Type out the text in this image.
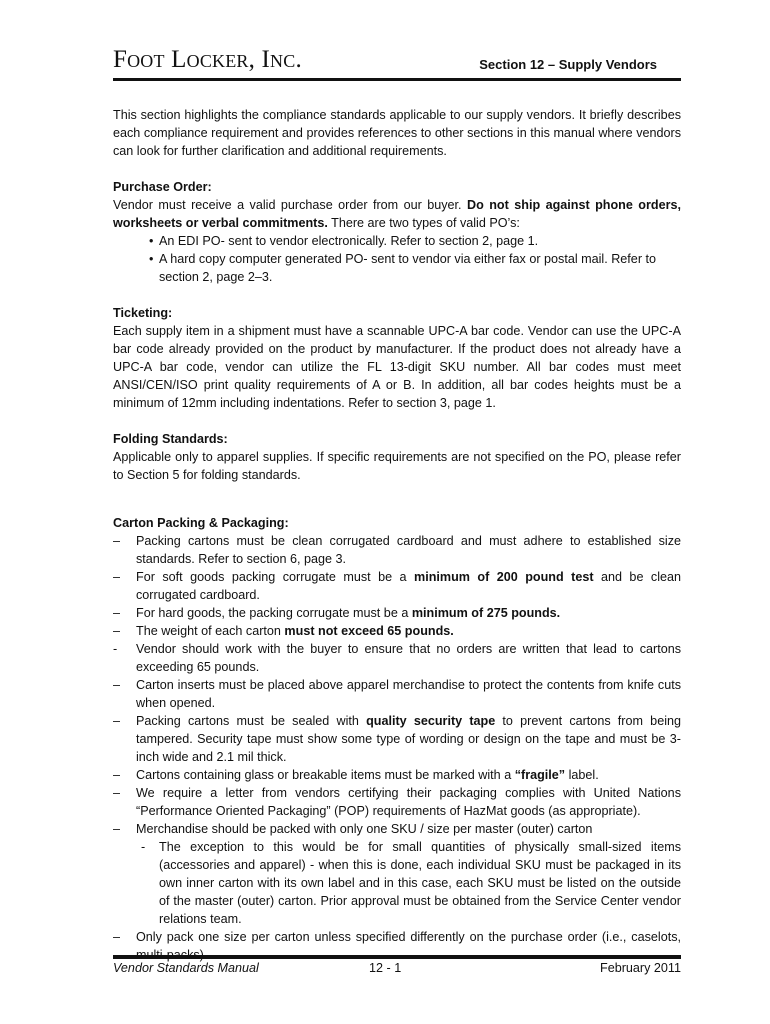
Foot Locker, Inc.	Section 12 – Supply Vendors

This section highlights the compliance standards applicable to our supply vendors. It briefly describes each compliance requirement and provides references to other sections in this manual where vendors can look for further clarification and additional requirements.

Purchase Order:

Vendor must receive a valid purchase order from our buyer. Do not ship against phone orders, worksheets or verbal commitments. There are two types of valid PO’s:

• An EDI PO- sent to vendor electronically. Refer to section 2, page 1.
• A hard copy computer generated PO- sent to vendor via either fax or postal mail. Refer to section 2, page 2–3.

Ticketing:

Each supply item in a shipment must have a scannable UPC-A bar code. Vendor can use the UPC-A bar code already provided on the product by manufacturer. If the product does not already have a UPC-A bar code, vendor can utilize the FL 13-digit SKU number. All bar codes must meet ANSI/CEN/ISO print quality requirements of A or B. In addition, all bar codes heights must be a minimum of 12mm including indentations. Refer to section 3, page 1.

Folding Standards:

Applicable only to apparel supplies. If specific requirements are not specified on the PO, please refer to Section 5 for folding standards.

Carton Packing & Packaging:

– Packing cartons must be clean corrugated cardboard and must adhere to established size standards. Refer to section 6, page 3.
– For soft goods packing corrugate must be a minimum of 200 pound test and be clean corrugated cardboard.
– For hard goods, the packing corrugate must be a minimum of 275 pounds.
– The weight of each carton must not exceed 65 pounds.
- Vendor should work with the buyer to ensure that no orders are written that lead to cartons exceeding 65 pounds.
– Carton inserts must be placed above apparel merchandise to protect the contents from knife cuts when opened.
– Packing cartons must be sealed with quality security tape to prevent cartons from being tampered. Security tape must show some type of wording or design on the tape and must be 3-inch wide and 2.1 mil thick.
– Cartons containing glass or breakable items must be marked with a “fragile” label.
– We require a letter from vendors certifying their packaging complies with United Nations “Performance Oriented Packaging” (POP) requirements of HazMat goods (as appropriate).
– Merchandise should be packed with only one SKU / size per master (outer) carton
- The exception to this would be for small quantities of physically small-sized items (accessories and apparel) - when this is done, each individual SKU must be packaged in its own inner carton with its own label and in this case, each SKU must be listed on the outside of the master (outer) carton. Prior approval must be obtained from the Service Center vendor relations team.
– Only pack one size per carton unless specified differently on the purchase order (i.e., caselots,
Vendor Standards Manual	12 - 1	February 2011
